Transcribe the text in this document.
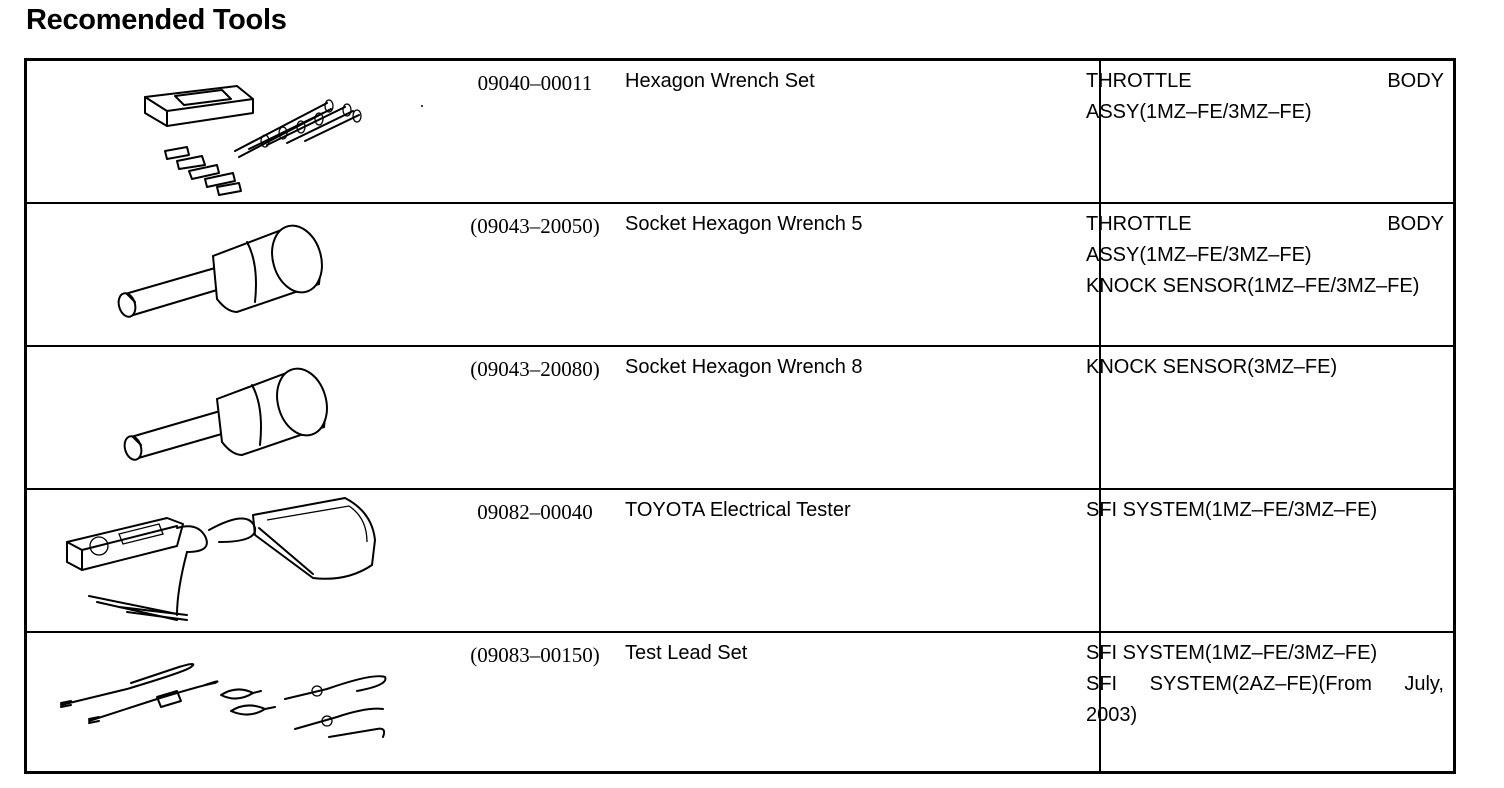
Recomended Tools
09040–00011	Hexagon Wrench Set	THROTTLE BODY
ASSY(1MZ–FE/3MZ–FE)
(09043–20050)	Socket Hexagon Wrench 5	THROTTLE BODY
ASSY(1MZ–FE/3MZ–FE)
KNOCK SENSOR(1MZ–FE/3MZ–FE)
(09043–20080)	Socket Hexagon Wrench 8	KNOCK SENSOR(3MZ–FE)
09082–00040	TOYOTA Electrical Tester	SFI SYSTEM(1MZ–FE/3MZ–FE)
(09083–00150)	Test Lead Set	SFI SYSTEM(1MZ–FE/3MZ–FE)
SFI SYSTEM(2AZ–FE)(From July,
2003)
